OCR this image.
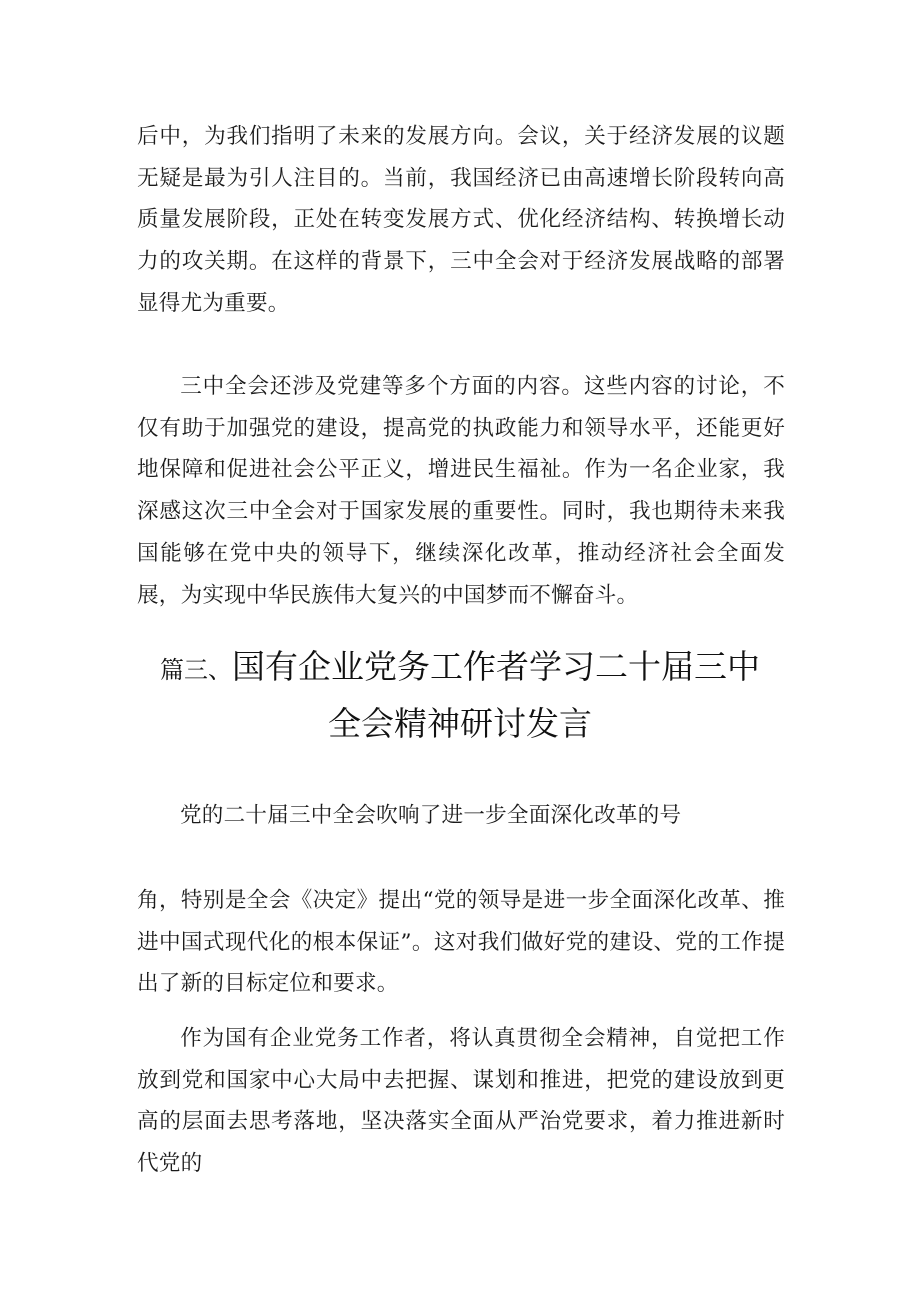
后中，为我们指明了未来的发展方向。会议，关于经济发展的议题无疑是最为引人注目的。当前，我国经济已由高速增长阶段转向高质量发展阶段，正处在转变发展方式、优化经济结构、转换增长动力的攻关期。在这样的背景下，三中全会对于经济发展战略的部署显得尤为重要。

三中全会还涉及党建等多个方面的内容。这些内容的讨论，不仅有助于加强党的建设，提高党的执政能力和领导水平，还能更好地保障和促进社会公平正义，增进民生福祉。作为一名企业家，我深感这次三中全会对于国家发展的重要性。同时，我也期待未来我国能够在党中央的领导下，继续深化改革，推动经济社会全面发展，为实现中华民族伟大复兴的中国梦而不懈奋斗。

篇三、国有企业党务工作者学习二十届三中
全会精神研讨发言

党的二十届三中全会吹响了进一步全面深化改革的号

角，特别是全会《决定》提出“党的领导是进一步全面深化改革、推进中国式现代化的根本保证”。这对我们做好党的建设、党的工作提出了新的目标定位和要求。

作为国有企业党务工作者，将认真贯彻全会精神，自觉把工作放到党和国家中心大局中去把握、谋划和推进，把党的建设放到更高的层面去思考落地，坚决落实全面从严治党要求，着力推进新时代党的
